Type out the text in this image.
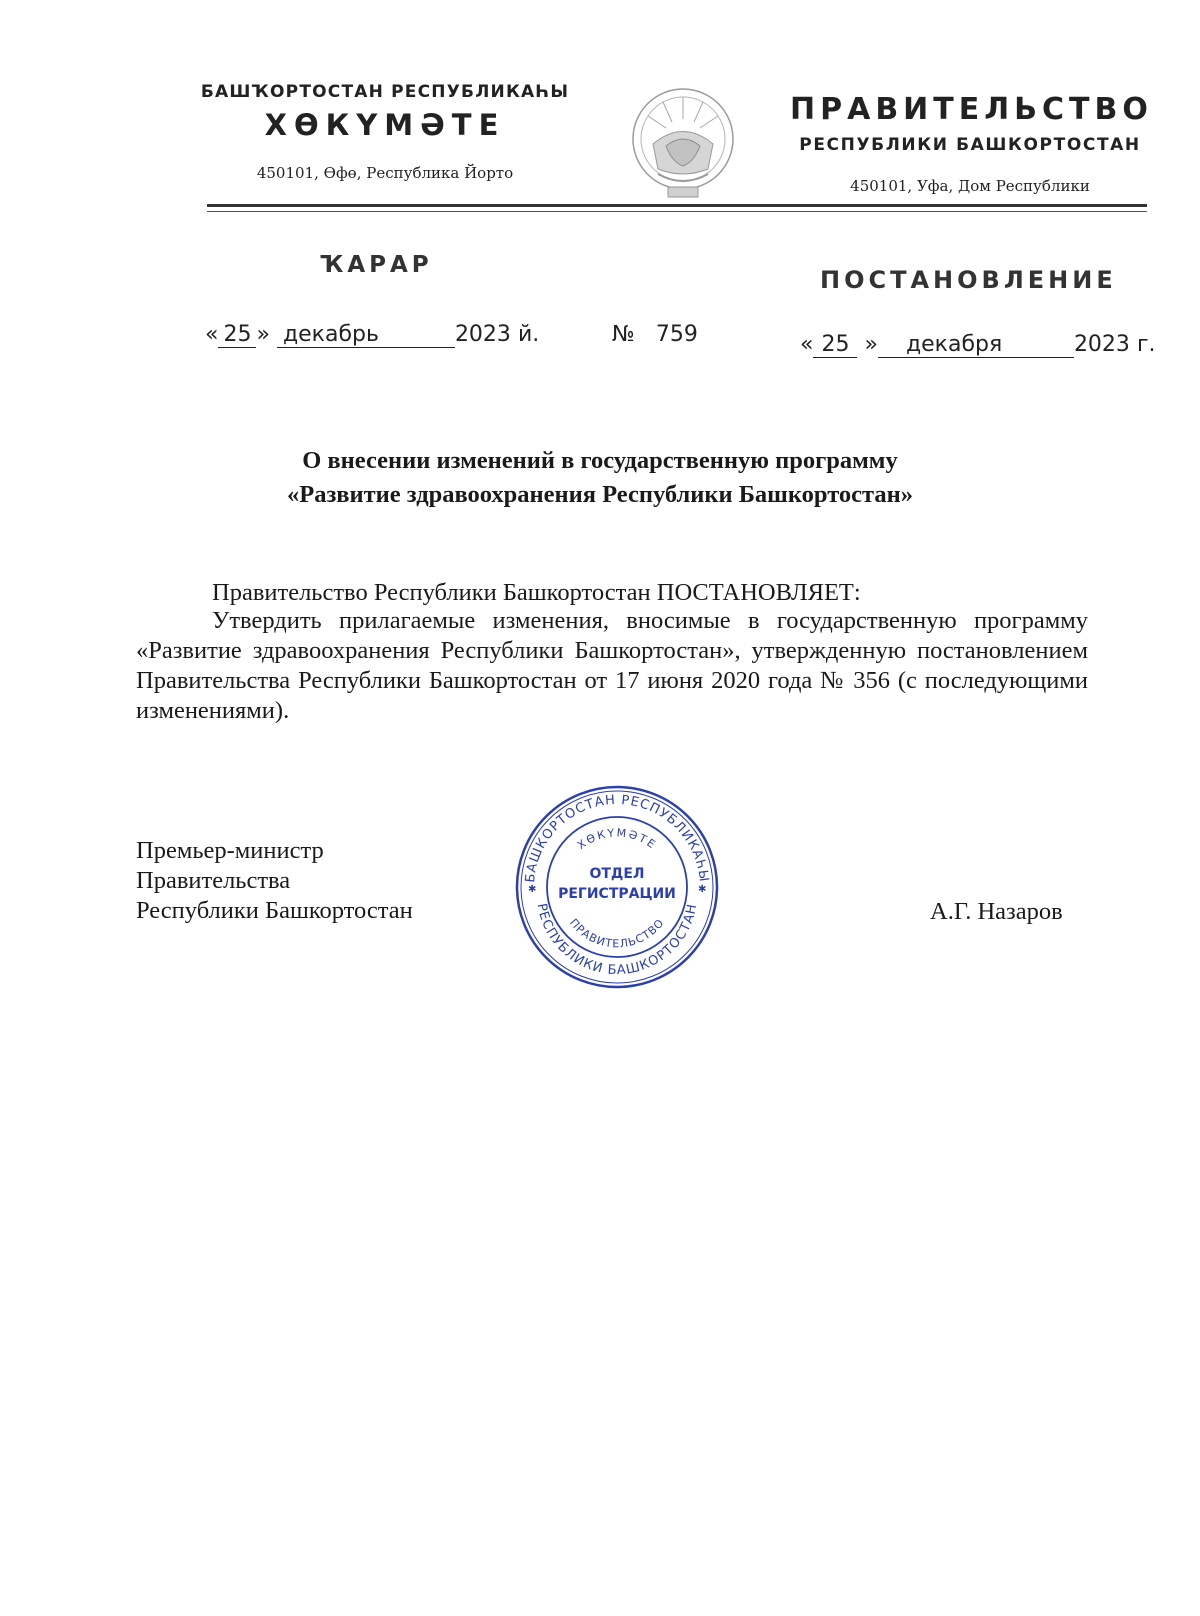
БАШҠОРТОСТАН РЕСПУБЛИКАҺЫ
ХӨКҮМӘТЕ
450101, Өфө, Республика Йорто
ПРАВИТЕЛЬСТВО
РЕСПУБЛИКИ БАШКОРТОСТАН
450101, Уфа, Дом Республики
ҠАРАР
ПОСТАНОВЛЕНИЕ
« 25 » декабрь	2023 й.	№ 759	« 25 » декабря	2023 г.
О внесении изменений в государственную программу
«Развитие здравоохранения Республики Башкортостан»
Правительство Республики Башкортостан ПОСТАНОВЛЯЕТ:
Утвердить прилагаемые изменения, вносимые в государственную программу «Развитие здравоохранения Республики Башкортостан», утвержденную постановлением Правительства Республики Башкортостан от 17 июня 2020 года № 356 (с последующими изменениями).
Премьер-министр
Правительства
Республики Башкортостан	А.Г. Назаров
БАШКОРТОСТАН РЕСПУБЛИКАҺЫ
РЕСПУБЛИКИ БАШКОРТОСТАН
ХӨКҮМӘТЕ
ПРАВИТЕЛЬСТВО
ОТДЕЛ
РЕГИСТРАЦИИ
✱	✱
